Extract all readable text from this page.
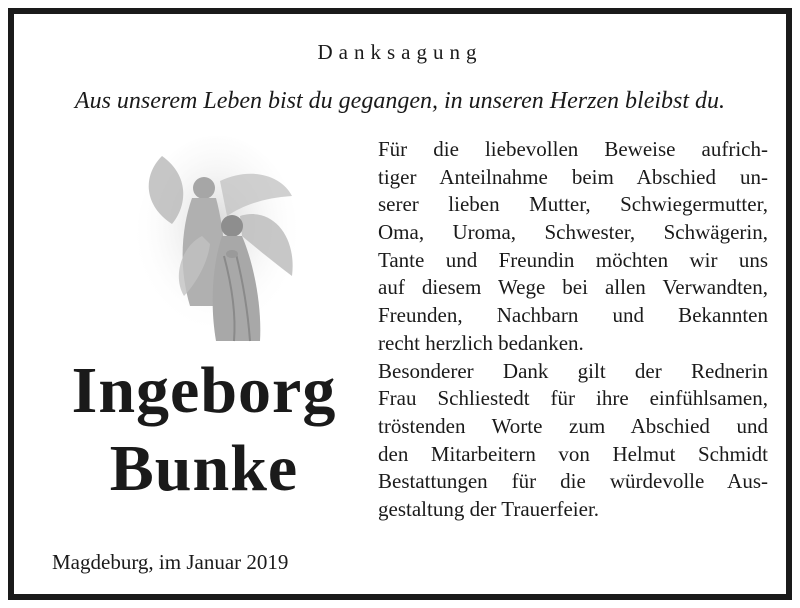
Danksagung

Aus unserem Leben bist du gegangen, in unseren Herzen bleibst du.

Ingeborg

Bunke

Magdeburg, im Januar 2019

Für die liebevollen Beweise aufrich-
tiger Anteilnahme beim Abschied un-
serer lieben Mutter, Schwiegermutter,
Oma, Uroma, Schwester, Schwägerin,
Tante und Freundin möchten wir uns
auf diesem Wege bei allen Verwandten,
Freunden, Nachbarn und Bekannten
recht herzlich bedanken.
Besonderer Dank gilt der Rednerin
Frau Schliestedt für ihre einfühlsamen,
tröstenden Worte zum Abschied und
den Mitarbeitern von Helmut Schmidt
Bestattungen für die würdevolle Aus-
gestaltung der Trauerfeier.
